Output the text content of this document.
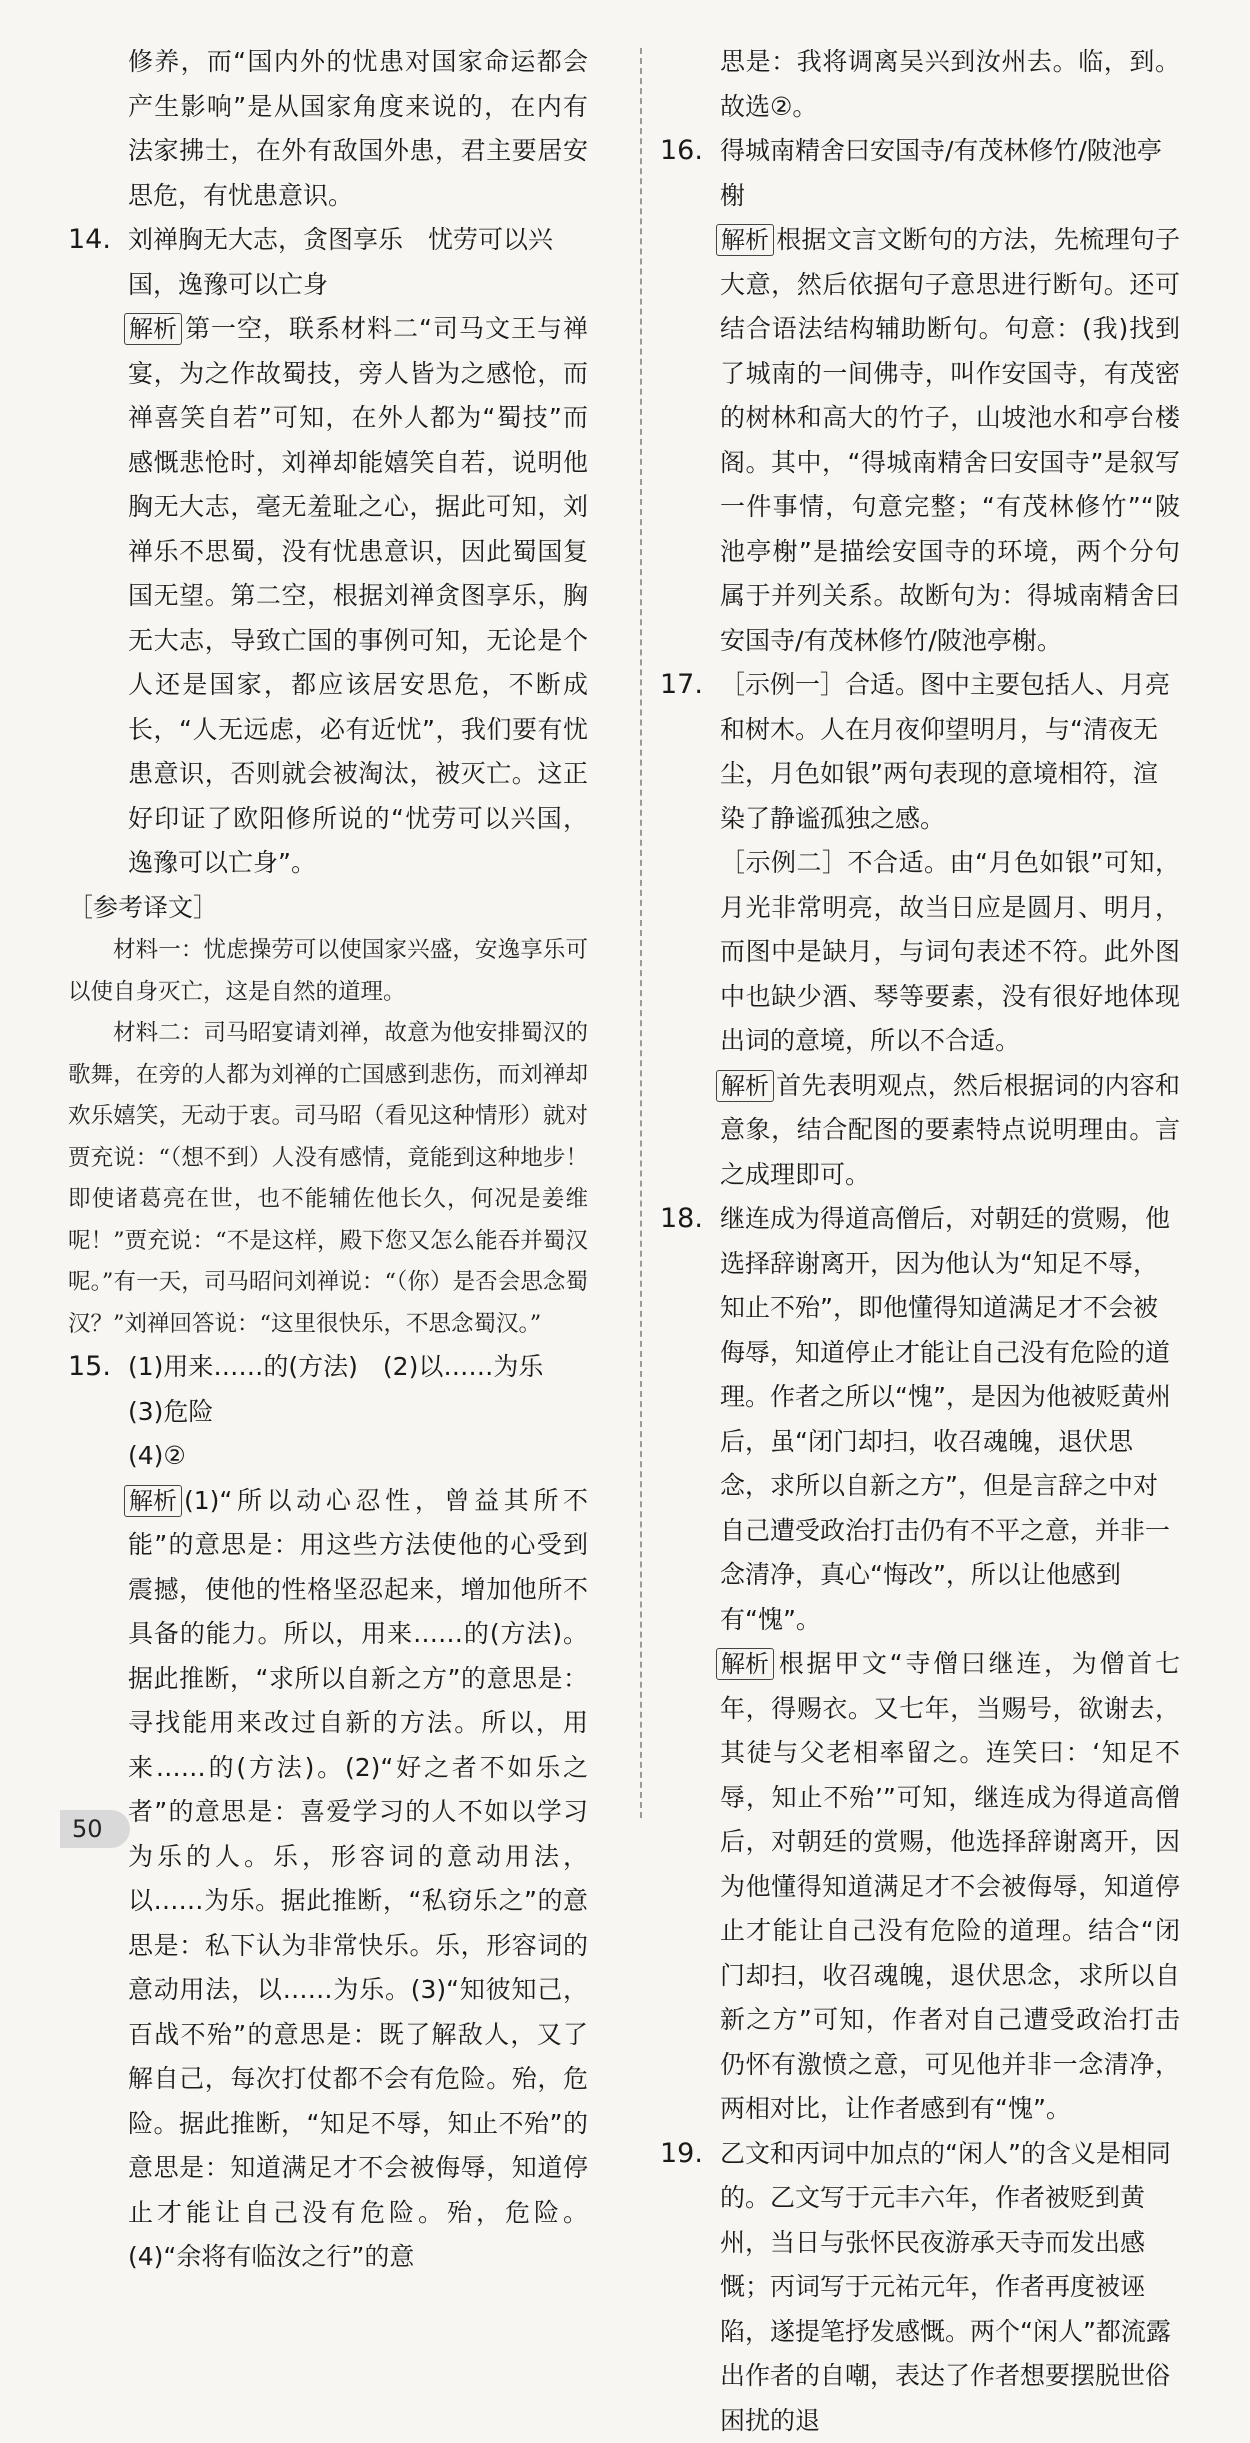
修养，而“国内外的忧患对国家命运都会产生影响”是从国家角度来说的，在内有法家拂士，在外有敌国外患，君主要居安思危，有忧患意识。

14. 刘禅胸无大志，贪图享乐　忧劳可以兴国，逸豫可以亡身

解析 第一空，联系材料二“司马文王与禅宴，为之作故蜀技，旁人皆为之感怆，而禅喜笑自若”可知，在外人都为“蜀技”而感慨悲怆时，刘禅却能嬉笑自若，说明他胸无大志，毫无羞耻之心，据此可知，刘禅乐不思蜀，没有忧患意识，因此蜀国复国无望。第二空，根据刘禅贪图享乐，胸无大志，导致亡国的事例可知，无论是个人还是国家，都应该居安思危，不断成长，“人无远虑，必有近忧”，我们要有忧患意识，否则就会被淘汰，被灭亡。这正好印证了欧阳修所说的“忧劳可以兴国，逸豫可以亡身”。

［参考译文］

材料一：忧虑操劳可以使国家兴盛，安逸享乐可以使自身灭亡，这是自然的道理。

材料二：司马昭宴请刘禅，故意为他安排蜀汉的歌舞，在旁的人都为刘禅的亡国感到悲伤，而刘禅却欢乐嬉笑，无动于衷。司马昭（看见这种情形）就对贾充说：“（想不到）人没有感情，竟能到这种地步！即使诸葛亮在世，也不能辅佐他长久，何况是姜维呢！”贾充说：“不是这样，殿下您又怎么能吞并蜀汉呢。”有一天，司马昭问刘禅说：“（你）是否会思念蜀汉？”刘禅回答说：“这里很快乐，不思念蜀汉。”

15. (1)用来……的(方法)　(2)以……为乐　(3)危险

(4)②

解析 (1)“所以动心忍性，曾益其所不能”的意思是：用这些方法使他的心受到震撼，使他的性格坚忍起来，增加他所不具备的能力。所以，用来……的(方法)。据此推断，“求所以自新之方”的意思是：寻找能用来改过自新的方法。所以，用来……的(方法)。(2)“好之者不如乐之者”的意思是：喜爱学习的人不如以学习为乐的人。乐，形容词的意动用法，以……为乐。据此推断，“私窃乐之”的意思是：私下认为非常快乐。乐，形容词的意动用法，以……为乐。(3)“知彼知己，百战不殆”的意思是：既了解敌人，又了解自己，每次打仗都不会有危险。殆，危险。据此推断，“知足不辱，知止不殆”的意思是：知道满足才不会被侮辱，知道停止才能让自己没有危险。殆，危险。(4)“余将有临汝之行”的意

思是：我将调离吴兴到汝州去。临，到。故选②。

16. 得城南精舍曰安国寺/有茂林修竹/陂池亭榭

解析 根据文言文断句的方法，先梳理句子大意，然后依据句子意思进行断句。还可结合语法结构辅助断句。句意：(我)找到了城南的一间佛寺，叫作安国寺，有茂密的树林和高大的竹子，山坡池水和亭台楼阁。其中，“得城南精舍曰安国寺”是叙写一件事情，句意完整；“有茂林修竹”“陂池亭榭”是描绘安国寺的环境，两个分句属于并列关系。故断句为：得城南精舍曰安国寺/有茂林修竹/陂池亭榭。

17. ［示例一］合适。图中主要包括人、月亮和树木。人在月夜仰望明月，与“清夜无尘，月色如银”两句表现的意境相符，渲染了静谧孤独之感。

［示例二］不合适。由“月色如银”可知，月光非常明亮，故当日应是圆月、明月，而图中是缺月，与词句表述不符。此外图中也缺少酒、琴等要素，没有很好地体现出词的意境，所以不合适。

解析 首先表明观点，然后根据词的内容和意象，结合配图的要素特点说明理由。言之成理即可。

18. 继连成为得道高僧后，对朝廷的赏赐，他选择辞谢离开，因为他认为“知足不辱，知止不殆”，即他懂得知道满足才不会被侮辱，知道停止才能让自己没有危险的道理。作者之所以“愧”，是因为他被贬黄州后，虽“闭门却扫，收召魂魄，退伏思念，求所以自新之方”，但是言辞之中对自己遭受政治打击仍有不平之意，并非一念清净，真心“悔改”，所以让他感到有“愧”。

解析 根据甲文“寺僧曰继连，为僧首七年，得赐衣。又七年，当赐号，欲谢去，其徒与父老相率留之。连笑曰：‘知足不辱，知止不殆’”可知，继连成为得道高僧后，对朝廷的赏赐，他选择辞谢离开，因为他懂得知道满足才不会被侮辱，知道停止才能让自己没有危险的道理。结合“闭门却扫，收召魂魄，退伏思念，求所以自新之方”可知，作者对自己遭受政治打击仍怀有激愤之意，可见他并非一念清净，两相对比，让作者感到有“愧”。

19. 乙文和丙词中加点的“闲人”的含义是相同的。乙文写于元丰六年，作者被贬到黄州，当日与张怀民夜游承天寺而发出感慨；丙词写于元祐元年，作者再度被诬陷，遂提笔抒发感慨。两个“闲人”都流露出作者的自嘲，表达了作者想要摆脱世俗困扰的退
50
